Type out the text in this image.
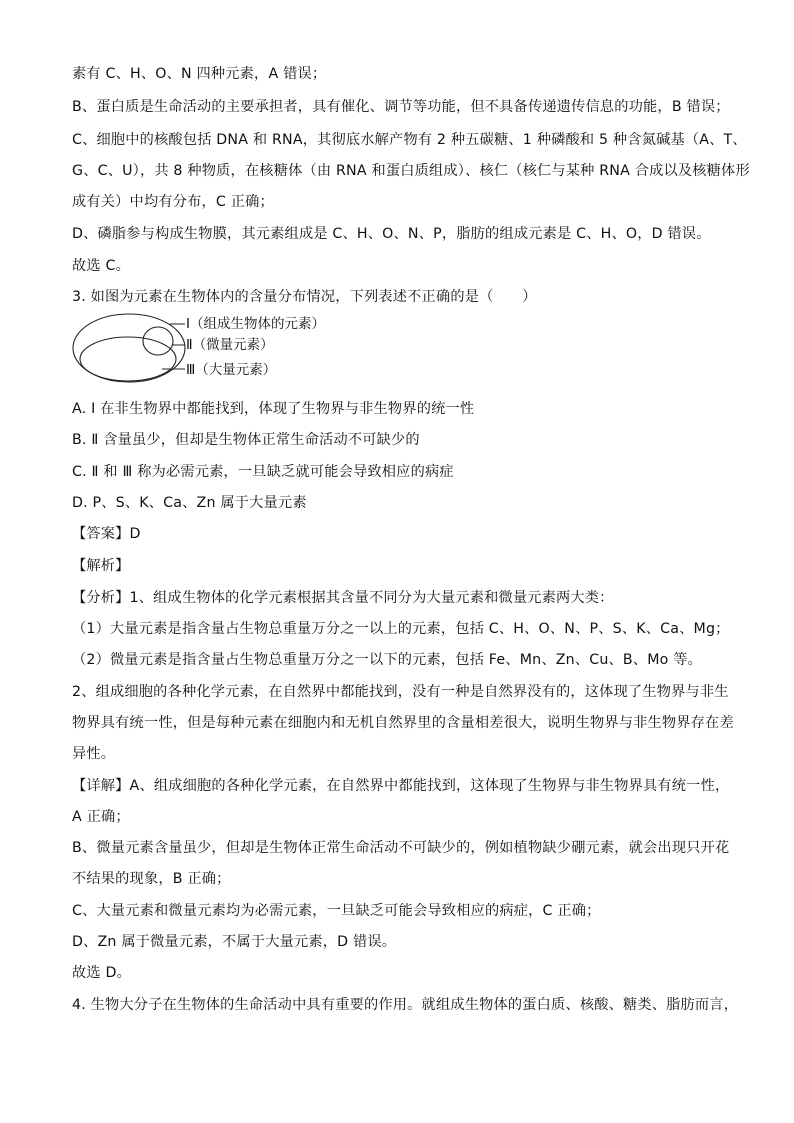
素有 C、H、O、N 四种元素，A 错误；
B、蛋白质是生命活动的主要承担者，具有催化、调节等功能，但不具备传递遗传信息的功能，B 错误；
C、细胞中的核酸包括 DNA 和 RNA，其彻底水解产物有 2 种五碳糖、1 种磷酸和 5 种含氮碱基（A、T、
G、C、U），共 8 种物质，在核糖体（由 RNA 和蛋白质组成）、核仁（核仁与某种 RNA 合成以及核糖体形
成有关）中均有分布，C 正确；
D、磷脂参与构成生物膜，其元素组成是 C、H、O、N、P，脂肪的组成元素是 C、H、O，D 错误。
故选 C。
3. 如图为元素在生物体内的含量分布情况，下列表述不正确的是（　　）
Ⅰ（组成生物体的元素）
Ⅱ（微量元素）
Ⅲ（大量元素）
A. Ⅰ 在非生物界中都能找到，体现了生物界与非生物界的统一性
B. Ⅱ 含量虽少，但却是生物体正常生命活动不可缺少的
C. Ⅱ 和 Ⅲ 称为必需元素，一旦缺乏就可能会导致相应的病症
D. P、S、K、Ca、Zn 属于大量元素
【答案】D
【解析】
【分析】1、组成生物体的化学元素根据其含量不同分为大量元素和微量元素两大类：
（1）大量元素是指含量占生物总重量万分之一以上的元素，包括 C、H、O、N、P、S、K、Ca、Mg；
（2）微量元素是指含量占生物总重量万分之一以下的元素，包括 Fe、Mn、Zn、Cu、B、Mo 等。
2、组成细胞的各种化学元素，在自然界中都能找到，没有一种是自然界没有的，这体现了生物界与非生
物界具有统一性，但是每种元素在细胞内和无机自然界里的含量相差很大，说明生物界与非生物界存在差
异性。
【详解】A、组成细胞的各种化学元素，在自然界中都能找到，这体现了生物界与非生物界具有统一性，
A 正确；
B、微量元素含量虽少，但却是生物体正常生命活动不可缺少的，例如植物缺少硼元素，就会出现只开花
不结果的现象，B 正确；
C、大量元素和微量元素均为必需元素，一旦缺乏可能会导致相应的病症，C 正确；
D、Zn 属于微量元素，不属于大量元素，D 错误。
故选 D。
4. 生物大分子在生物体的生命活动中具有重要的作用。就组成生物体的蛋白质、核酸、糖类、脂肪而言，
